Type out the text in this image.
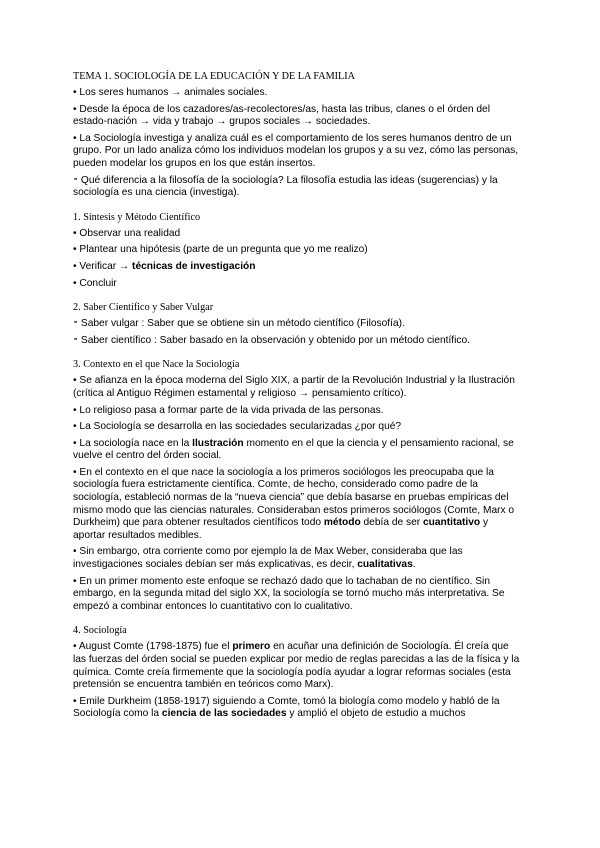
TEMA 1. SOCIOLOGÍA DE LA EDUCACIÓN Y DE LA FAMILIA
• Los seres humanos → animales sociales.
• Desde la época de los cazadores/as-recolectores/as, hasta las tribus, clanes o el órden del estado-nación → vida y trabajo → grupos sociales → sociedades.
• La Sociología investiga y analiza cuál es el comportamiento de los seres humanos dentro de un grupo. Por un lado analiza cómo los individuos modelan los grupos y a su vez, cómo las personas, pueden modelar los grupos en los que están insertos.
⁃ Qué diferencia a la filosofía de la sociología? La filosofía estudia las ideas (sugerencias) y la sociología es una ciencia (investiga).
1. Síntesis y Método Científico
• Observar una realidad
• Plantear una hipótesis (parte de un pregunta que yo me realizo)
• Verificar → técnicas de investigación
• Concluir
2. Saber Científico y Saber Vulgar
⁃ Saber vulgar : Saber que se obtiene sin un método científico (Filosofía).
⁃ Saber científico : Saber basado en la observación y obtenido por un método científico.
3. Contexto en el que Nace la Sociología
• Se afianza en la época moderna del Siglo XIX, a partir de la Revolución Industrial y la Ilustración (crítica al Antiguo Régimen estamental y religioso → pensamiento crítico).
• Lo religioso pasa a formar parte de la vida privada de las personas.
• La Sociología se desarrolla en las sociedades secularizadas ¿por qué?
• La sociología nace en la Ilustración momento en el que la ciencia y el pensamiento racional, se vuelve el centro del órden social.
• En el contexto en el que nace la sociología a los primeros sociólogos les preocupaba que la sociología fuera estrictamente científica. Comte, de hecho, considerado como padre de la sociología, estableció normas de la “nueva ciencia” que debía basarse en pruebas empíricas del mismo modo que las ciencias naturales. Consideraban estos primeros sociólogos (Comte, Marx o Durkheim) que para obtener resultados científicos todo método debía de ser cuantitativo y aportar resultados medibles.
• Sin embargo, otra corriente como por ejemplo la de Max Weber, consideraba que las investigaciones sociales debían ser más explicativas, es decir, cualitativas.
• En un primer momento este enfoque se rechazó dado que lo tachaban de no científico. Sin embargo, en la segunda mitad del siglo XX, la sociología se tornó mucho más interpretativa. Se empezó a combinar entonces lo cuantitativo con lo cualitativo.
4. Sociología
• August Comte (1798-1875) fue el primero en acuñar una definición de Sociología. Él creía que las fuerzas del órden social se pueden explicar por medio de reglas parecidas a las de la física y la química. Comte creía firmemente que la sociología podía ayudar a lograr reformas sociales (esta pretensión se encuentra también en teóricos como Marx).
• Emile Durkheim (1858-1917) siguiendo a Comte, tomó la biología como modelo y habló de la Sociología como la ciencia de las sociedades y amplió el objeto de estudio a muchos
